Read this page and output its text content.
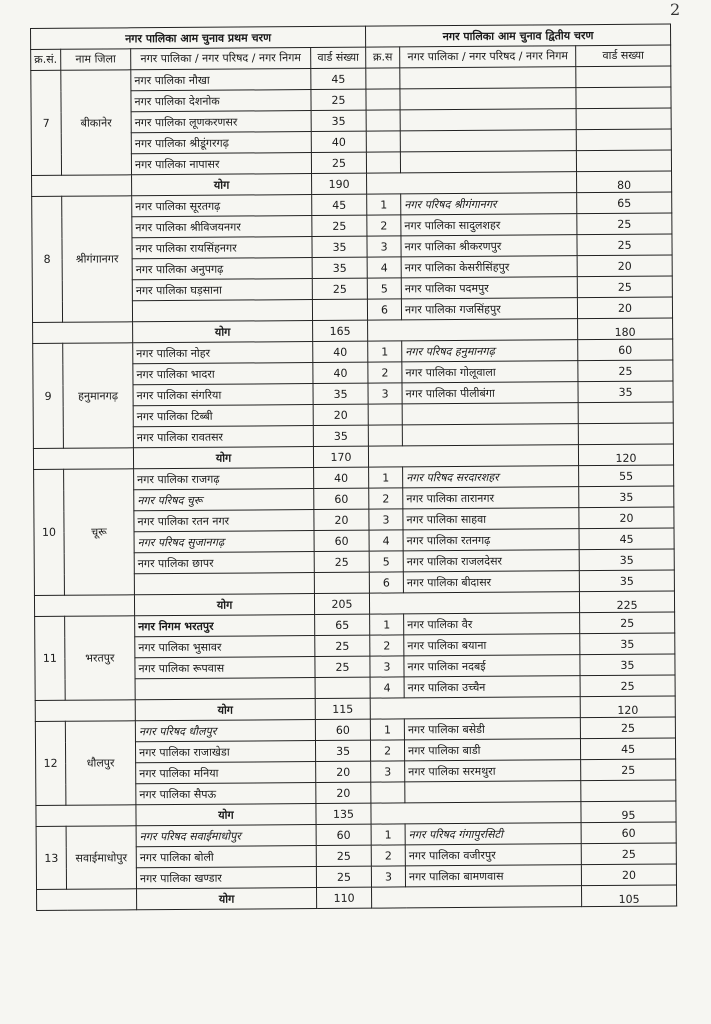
2
नगर पालिका आम चुनाव प्रथम चरण				नगर पालिका आम चुनाव द्वितीय चरण		
क्र.सं.	नाम जिला	नगर पालिका / नगर परिषद / नगर निगम	वार्ड संख्या	क्र.स	नगर पालिका / नगर परिषद / नगर निगम	वार्ड सख्या
7	बीकानेर	नगर पालिका नौखा	45			
		नगर पालिका देशनोक	25			
		नगर पालिका लूणकरणसर	35			
		नगर पालिका श्रीडूंगरगढ़	40			
		नगर पालिका नापासर	25			
		योग	190			80
8	श्रीगंगानगर	नगर पालिका सूरतगढ़	45	1	नगर परिषद श्रीगंगानगर	65
		नगर पालिका श्रीविजयनगर	25	2	नगर पालिका सादुलशहर	25
		नगर पालिका रायसिंहनगर	35	3	नगर पालिका श्रीकरणपुर	25
		नगर पालिका अनुपगढ़	35	4	नगर पालिका केसरीसिंहपुर	20
		नगर पालिका घड़साना	25	5	नगर पालिका पदमपुर	25
				6	नगर पालिका गजसिंहपुर	20
		योग	165			180
9	हनुमानगढ़	नगर पालिका नोहर	40	1	नगर परिषद हनुमानगढ़	60
		नगर पालिका भादरा	40	2	नगर पालिका गोलूवाला	25
		नगर पालिका संगरिया	35	3	नगर पालिका पीलीबंगा	35
		नगर पालिका टिब्बी	20			
		नगर पालिका रावतसर	35			
		योग	170			120
10	चूरू	नगर पालिका राजगढ़	40	1	नगर परिषद सरदारशहर	55
		नगर परिषद चुरू	60	2	नगर पालिका तारानगर	35
		नगर पालिका रतन नगर	20	3	नगर पालिका साहवा	20
		नगर परिषद सुजानगढ़	60	4	नगर पालिका रतनगढ़	45
		नगर पालिका छापर	25	5	नगर पालिका राजलदेसर	35
				6	नगर पालिका बीदासर	35
		योग	205			225
11	भरतपुर	नगर निगम भरतपुर	65	1	नगर पालिका वैर	25
		नगर पालिका भुसावर	25	2	नगर पालिका बयाना	35
		नगर पालिका रूपवास	25	3	नगर पालिका नदबई	35
				4	नगर पालिका उच्चैन	25
		योग	115			120
12	धौलपुर	नगर परिषद धौलपुर	60	1	नगर पालिका बसेडी	25
		नगर पालिका राजाखेडा	35	2	नगर पालिका बाडी	45
		नगर पालिका मनिया	20	3	नगर पालिका सरमथुरा	25
		नगर पालिका सैपऊ	20			
		योग	135			95
13	सवाईमाधोपुर	नगर परिषद सवाईमाधोपुर	60	1	नगर परिषद गंगापुरसिटी	60
		नगर पालिका बोली	25	2	नगर पालिका वजीरपुर	25
		नगर पालिका खण्डार	25	3	नगर पालिका बामणवास	20
		योग	110			105
